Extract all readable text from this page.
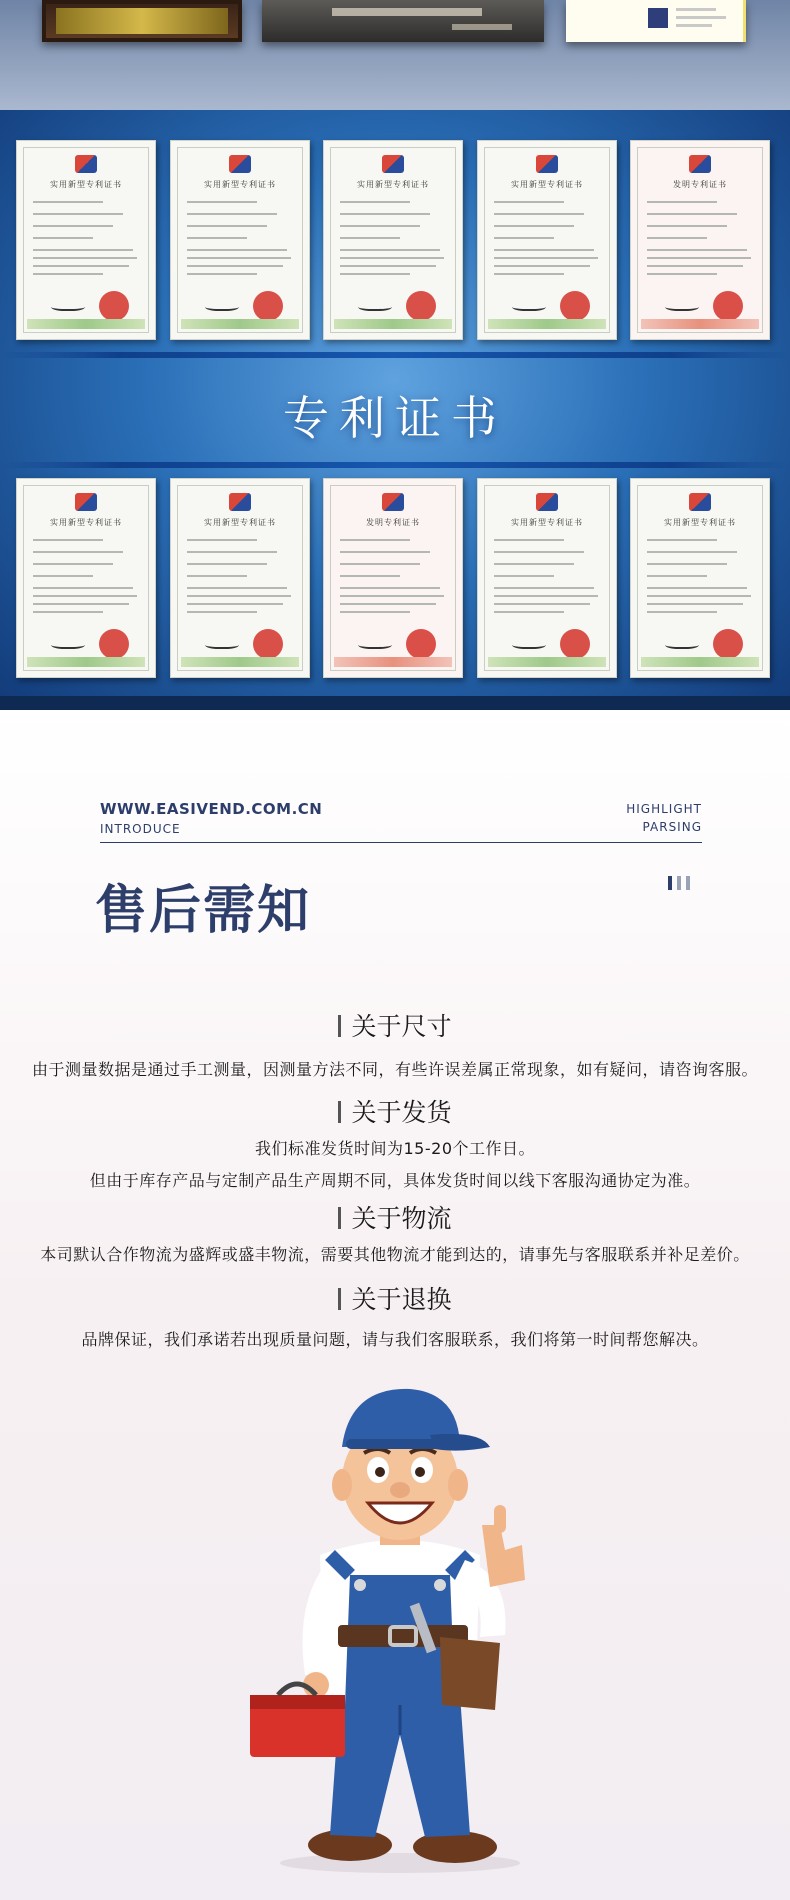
实用新型专利证书	实用新型专利证书	实用新型专利证书	实用新型专利证书	发明专利证书
专利证书
实用新型专利证书	实用新型专利证书	发明专利证书	实用新型专利证书	实用新型专利证书
WWW.EASIVEND.COM.CN
INTRODUCE
HIGHLIGHT
PARSING
售后需知
关于尺寸
由于测量数据是通过手工测量，因测量方法不同，有些许误差属正常现象，如有疑问，请咨询客服。
关于发货
我们标准发货时间为15-20个工作日。
但由于库存产品与定制产品生产周期不同，具体发货时间以线下客服沟通协定为准。
关于物流
本司默认合作物流为盛辉或盛丰物流，需要其他物流才能到达的，请事先与客服联系并补足差价。
关于退换
品牌保证，我们承诺若出现质量问题，请与我们客服联系，我们将第一时间帮您解决。
